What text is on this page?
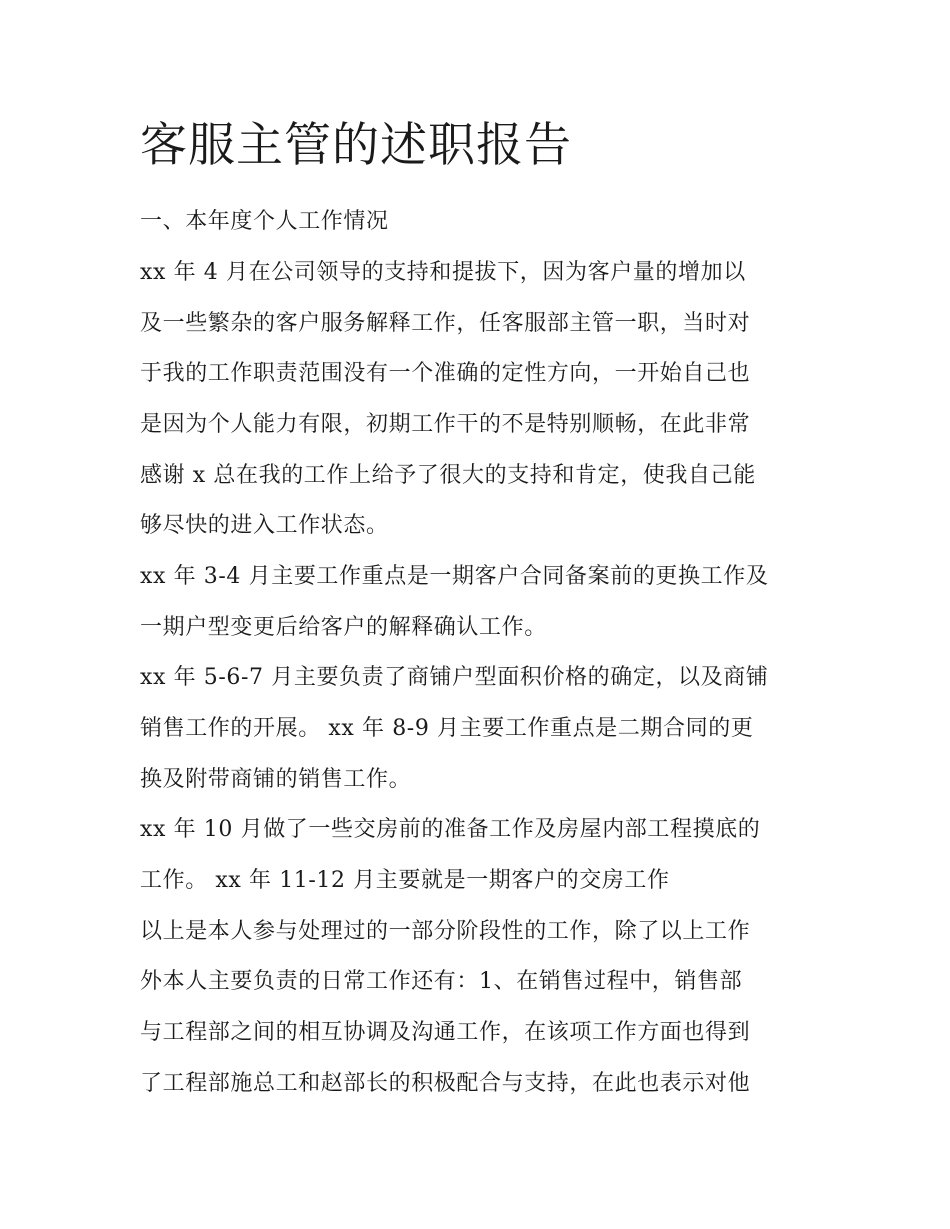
客服主管的述职报告
一、本年度个人工作情况
xx 年 4 月在公司领导的支持和提拔下，因为客户量的增加以
及一些繁杂的客户服务解释工作，任客服部主管一职，当时对
于我的工作职责范围没有一个准确的定性方向，一开始自己也
是因为个人能力有限，初期工作干的不是特别顺畅，在此非常
感谢 x 总在我的工作上给予了很大的支持和肯定，使我自己能
够尽快的进入工作状态。
xx 年 3-4 月主要工作重点是一期客户合同备案前的更换工作及
一期户型变更后给客户的解释确认工作。
xx 年 5-6-7 月主要负责了商铺户型面积价格的确定，以及商铺
销售工作的开展。 xx 年 8-9 月主要工作重点是二期合同的更
换及附带商铺的销售工作。
xx 年 10 月做了一些交房前的准备工作及房屋内部工程摸底的
工作。 xx 年 11-12 月主要就是一期客户的交房工作
以上是本人参与处理过的一部分阶段性的工作，除了以上工作
外本人主要负责的日常工作还有：1、在销售过程中，销售部
与工程部之间的相互协调及沟通工作，在该项工作方面也得到
了工程部施总工和赵部长的积极配合与支持，在此也表示对他
